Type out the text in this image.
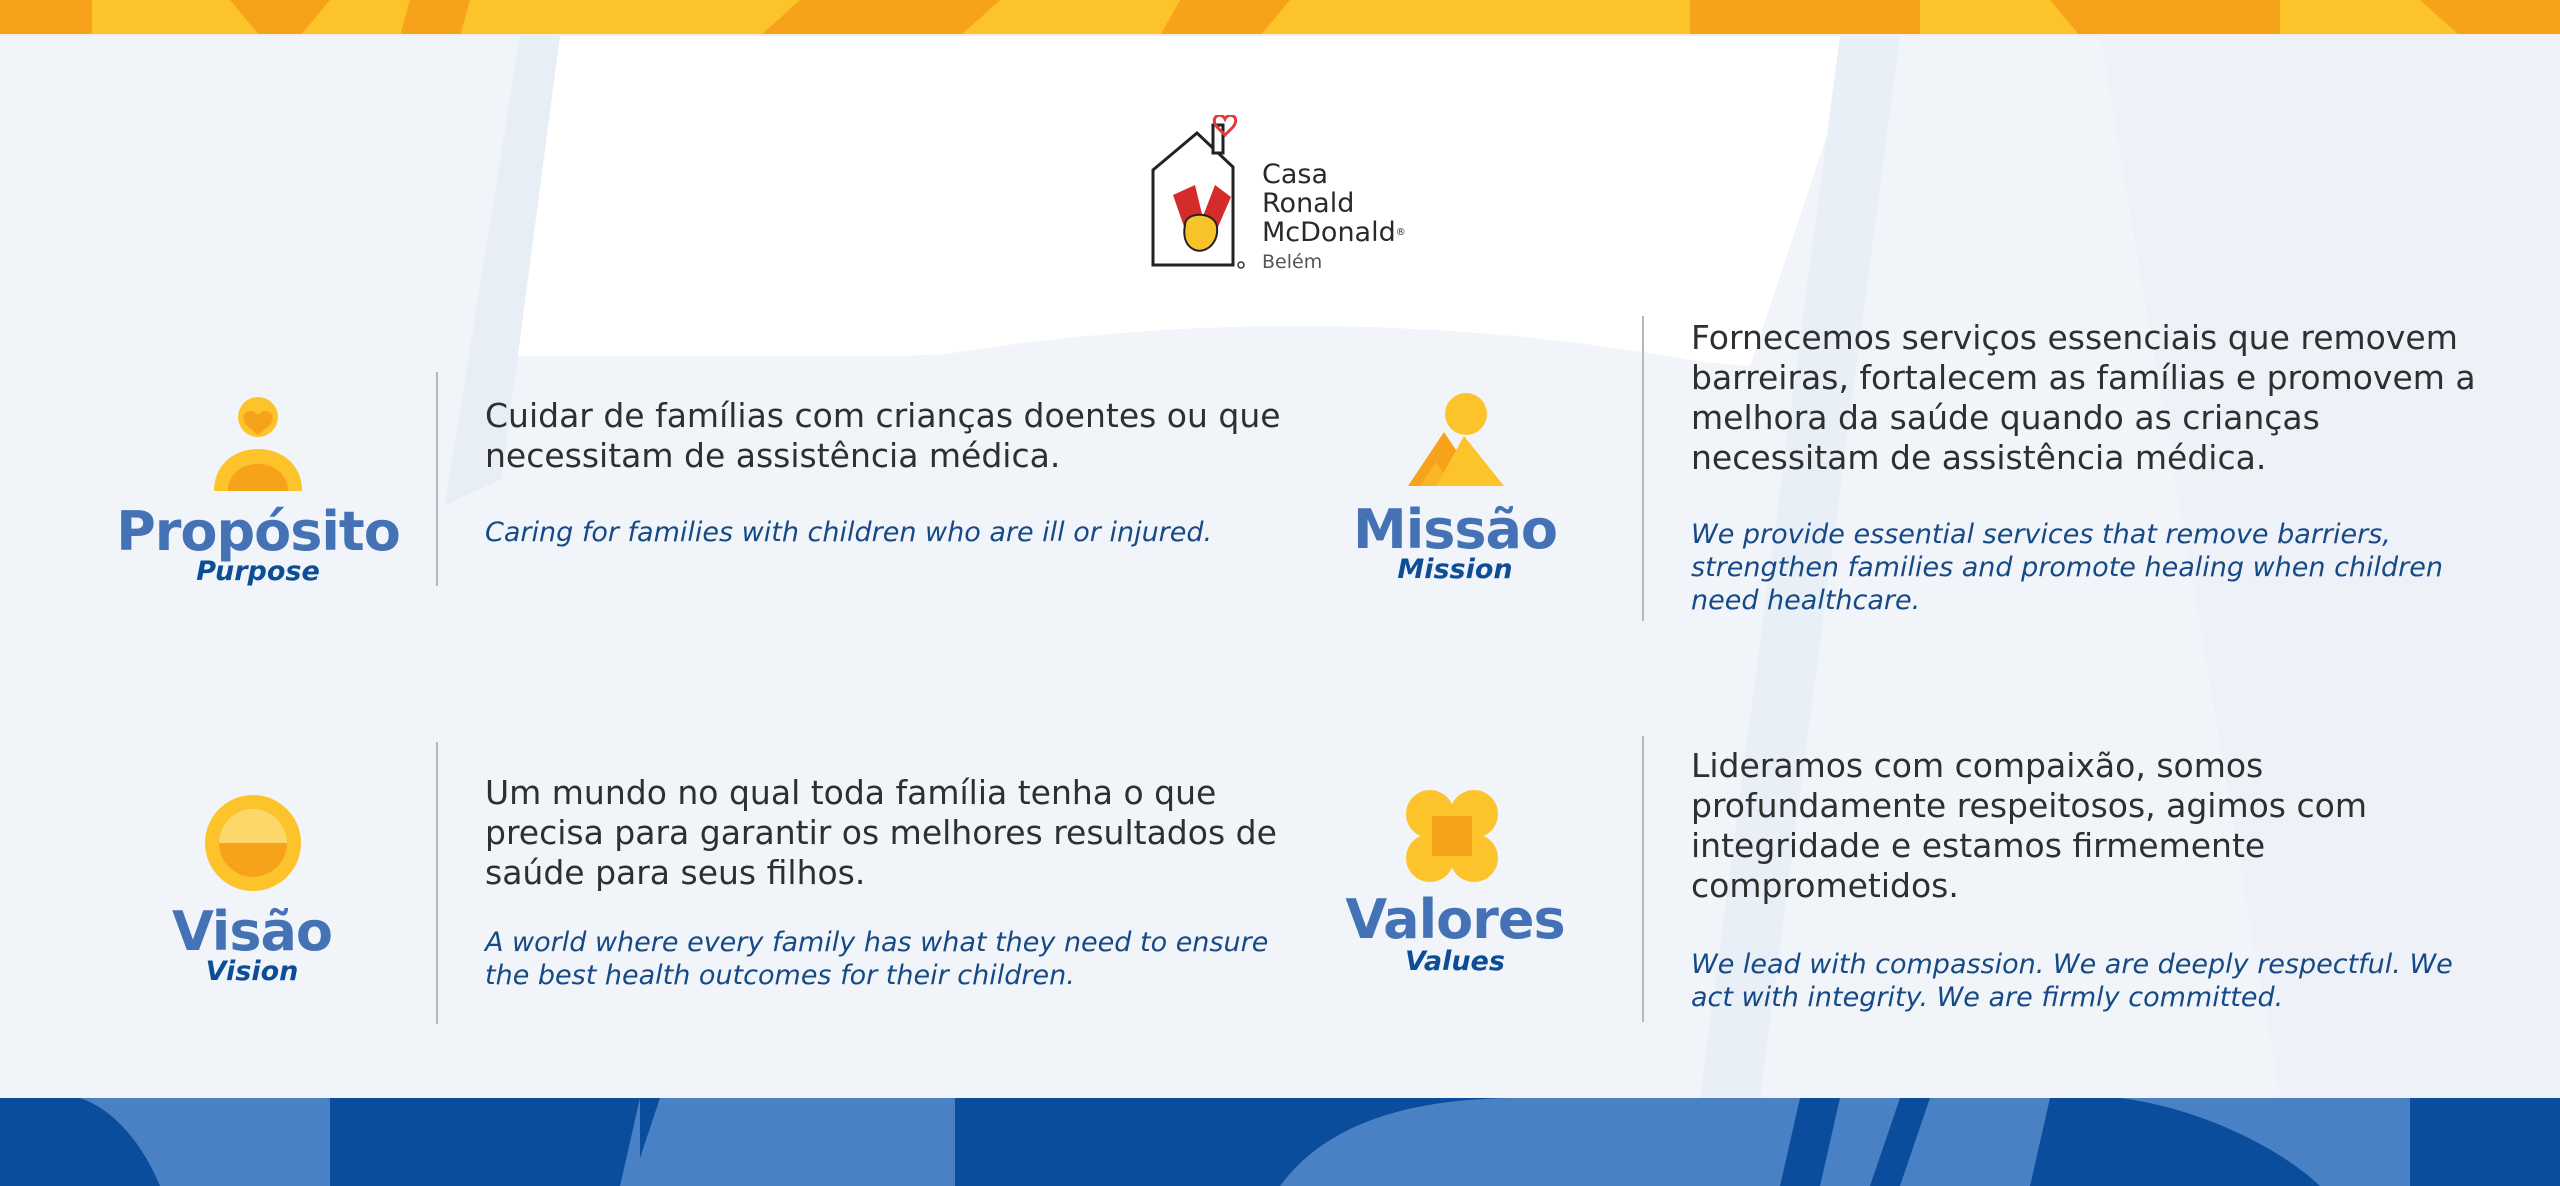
Casa
Ronald
McDonald®
Belém
Propósito
Purpose
Cuidar de famílias com crianças doentes ou que necessitam de assistência médica.
Caring for families with children who are ill or injured.	Missão
Mission
Fornecemos serviços essenciais que removem barreiras, fortalecem as famílias e promovem a melhora da saúde quando as crianças necessitam de assistência médica.
We provide essential services that remove barriers, strengthen families and promote healing when children need healthcare.
Visão
Vision
Um mundo no qual toda família tenha o que precisa para garantir os melhores resultados de saúde para seus filhos.
A world where every family has what they need to ensure the best health outcomes for their children.
Valores
Values
Lideramos com compaixão, somos profundamente respeitosos, agimos com integridade e estamos firmemente comprometidos.
We lead with compassion. We are deeply respectful. We act with integrity. We are firmly committed.
